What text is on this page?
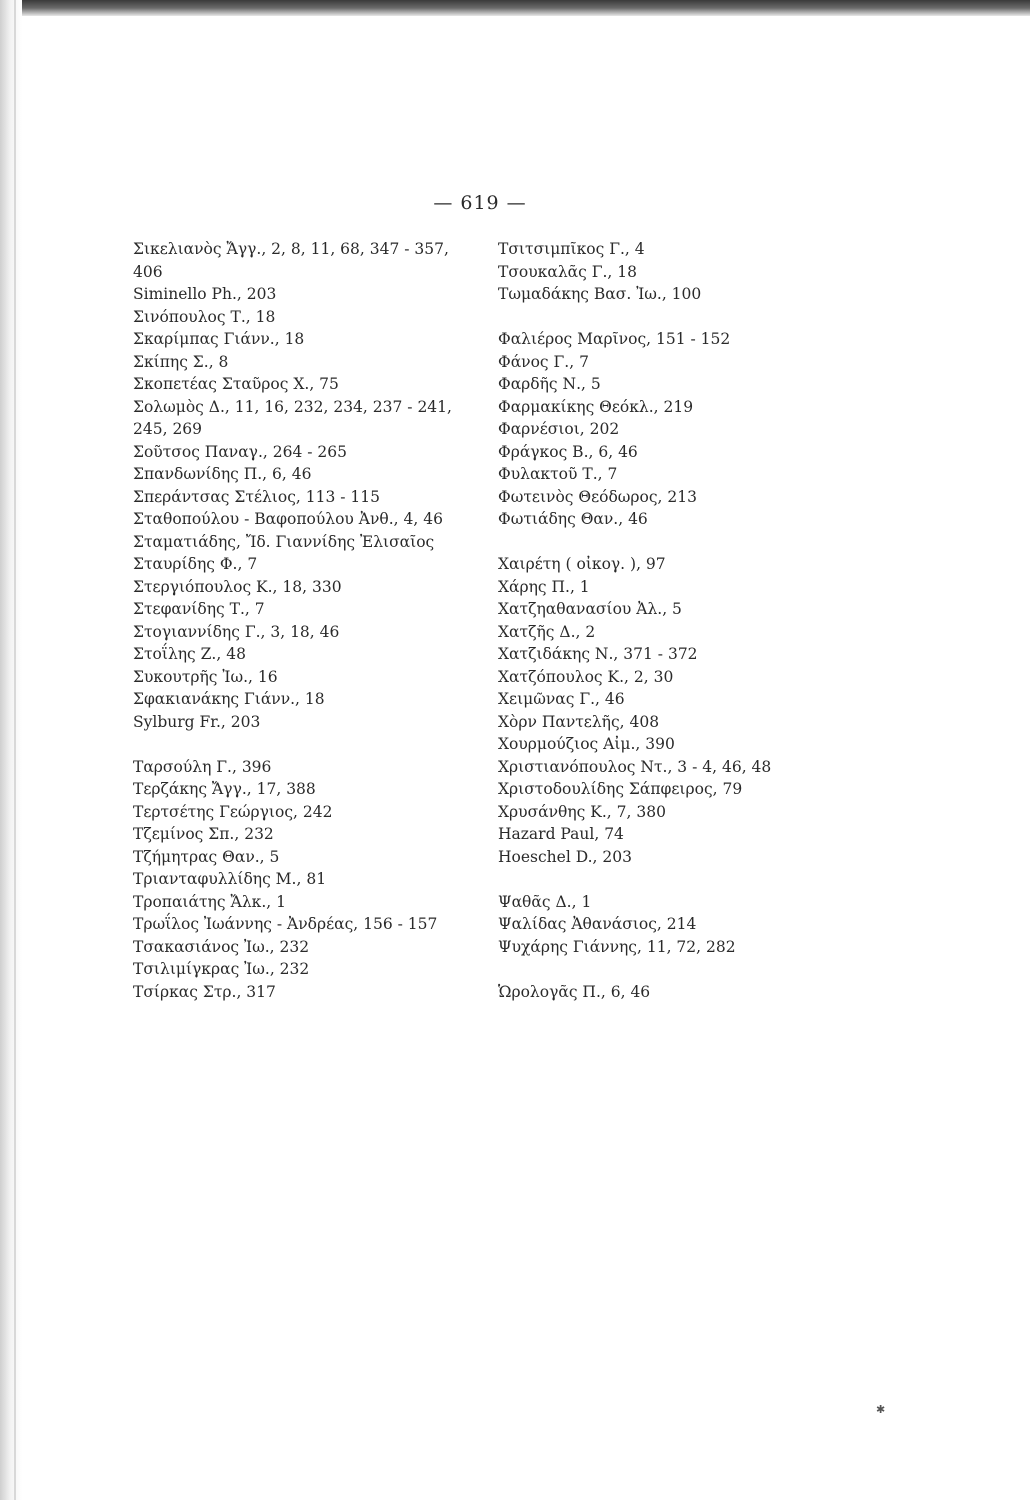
— 619 —
Σικελιανὸς Ἄγγ., 2, 8, 11, 68, 347 - 357,
406
Siminello Ph., 203
Σινόπουλος Τ., 18
Σκαρίμπας Γιάνν., 18
Σκίπης Σ., 8
Σκοπετέας Σταῦρος Χ., 75
Σολωμὸς Δ., 11, 16, 232, 234, 237 - 241,
245, 269
Σοῦτσος Παναγ., 264 - 265
Σπανδωνίδης Π., 6, 46
Σπεράντσας Στέλιος, 113 - 115
Σταθοπούλου - Βαφοπούλου Ἀνθ., 4, 46
Σταματιάδης, Ἴδ. Γιαννίδης Ἐλισαῖος
Σταυρίδης Φ., 7
Στεργιόπουλος Κ., 18, 330
Στεφανίδης Τ., 7
Στογιαννίδης Γ., 3, 18, 46
Στοΐλης Ζ., 48
Συκουτρῆς Ἰω., 16
Σφακιανάκης Γιάνν., 18
Sylburg Fr., 203
Ταρσούλη Γ., 396
Τερζάκης Ἄγγ., 17, 388
Τερτσέτης Γεώργιος, 242
Τζεμίνος Σπ., 232
Τζήμητρας Θαν., 5
Τριανταφυλλίδης Μ., 81
Τροπαιάτης Ἄλκ., 1
Τρωΐλος Ἰωάννης - Ἀνδρέας, 156 - 157
Τσακασιάνος Ἰω., 232
Τσιλιμίγκρας Ἰω., 232
Τσίρκας Στρ., 317
Τσιτσιμπῖκος Γ., 4
Τσουκαλᾶς Γ., 18
Τωμαδάκης Βασ. Ἰω., 100
Φαλιέρος Μαρῖνος, 151 - 152
Φάνος Γ., 7
Φαρδῆς Ν., 5
Φαρμακίκης Θεόκλ., 219
Φαρνέσιοι, 202
Φράγκος Β., 6, 46
Φυλακτοῦ Τ., 7
Φωτεινὸς Θεόδωρος, 213
Φωτιάδης Θαν., 46
Χαιρέτη ( οἰκογ. ), 97
Χάρης Π., 1
Χατζηαθανασίου Ἀλ., 5
Χατζῆς Δ., 2
Χατζιδάκης Ν., 371 - 372
Χατζόπουλος Κ., 2, 30
Χειμῶνας Γ., 46
Χὸρν Παντελῆς, 408
Χουρμούζιος Αἰμ., 390
Χριστιανόπουλος Ντ., 3 - 4, 46, 48
Χριστοδουλίδης Σάπφειρος, 79
Χρυσάνθης Κ., 7, 380
Hazard Paul, 74
Hoeschel D., 203
Ψαθᾶς Δ., 1
Ψαλίδας Ἀθανάσιος, 214
Ψυχάρης Γιάννης, 11, 72, 282
Ὡρολογᾶς Π., 6, 46
✱
